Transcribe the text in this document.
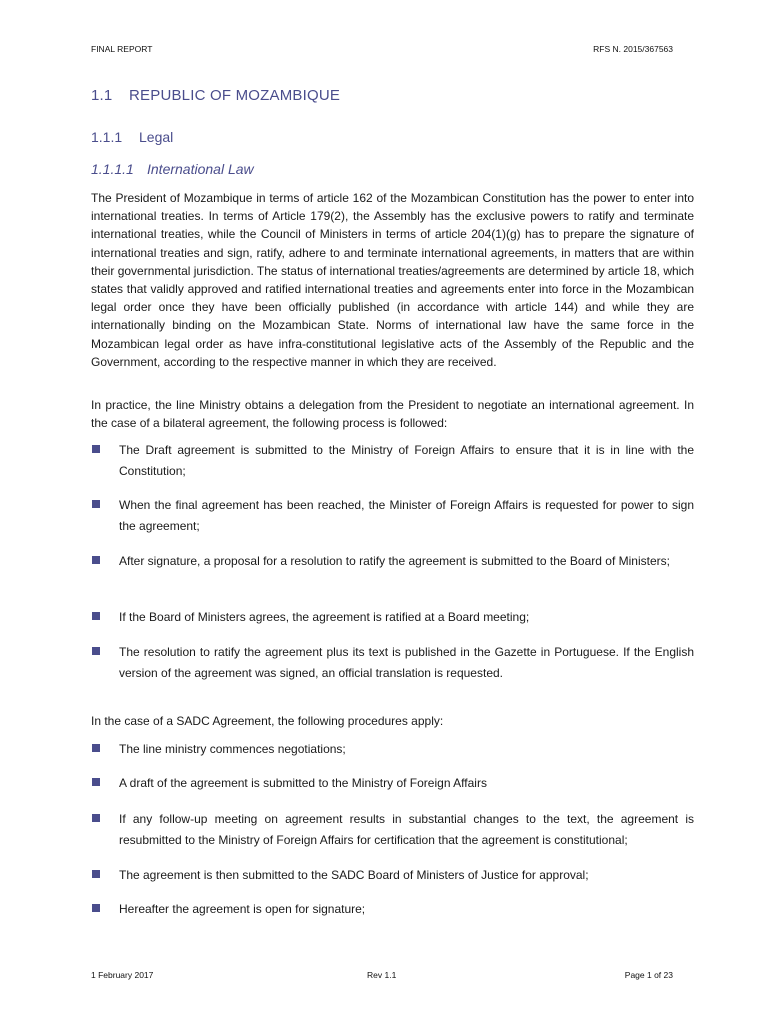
FINAL REPORT	RFS N. 2015/367563
1.1 REPUBLIC OF MOZAMBIQUE
1.1.1 Legal
1.1.1.1 International Law

The President of Mozambique in terms of article 162 of the Mozambican Constitution has the power to enter into international treaties. In terms of Article 179(2), the Assembly has the exclusive powers to ratify and terminate international treaties, while the Council of Ministers in terms of article 204(1)(g) has to prepare the signature of international treaties and sign, ratify, adhere to and terminate international agreements, in matters that are within their governmental jurisdiction. The status of international treaties/agreements are determined by article 18, which states that validly approved and ratified international treaties and agreements enter into force in the Mozambican legal order once they have been officially published (in accordance with article 144) and while they are internationally binding on the Mozambican State. Norms of international law have the same force in the Mozambican legal order as have infra-constitutional legislative acts of the Assembly of the Republic and the Government, according to the respective manner in which they are received.

In practice, the line Ministry obtains a delegation from the President to negotiate an international agreement. In the case of a bilateral agreement, the following process is followed:

The Draft agreement is submitted to the Ministry of Foreign Affairs to ensure that it is in line with the Constitution;
When the final agreement has been reached, the Minister of Foreign Affairs is requested for power to sign the agreement;
After signature, a proposal for a resolution to ratify the agreement is submitted to the Board of Ministers;
If the Board of Ministers agrees, the agreement is ratified at a Board meeting;
The resolution to ratify the agreement plus its text is published in the Gazette in Portuguese. If the English version of the agreement was signed, an official translation is requested.

In the case of a SADC Agreement, the following procedures apply:

The line ministry commences negotiations;
A draft of the agreement is submitted to the Ministry of Foreign Affairs
If any follow-up meeting on agreement results in substantial changes to the text, the agreement is resubmitted to the Ministry of Foreign Affairs for certification that the agreement is constitutional;
The agreement is then submitted to the SADC Board of Ministers of Justice for approval;
Hereafter the agreement is open for signature;
1 February 2017	Rev 1.1	Page 1 of 23
